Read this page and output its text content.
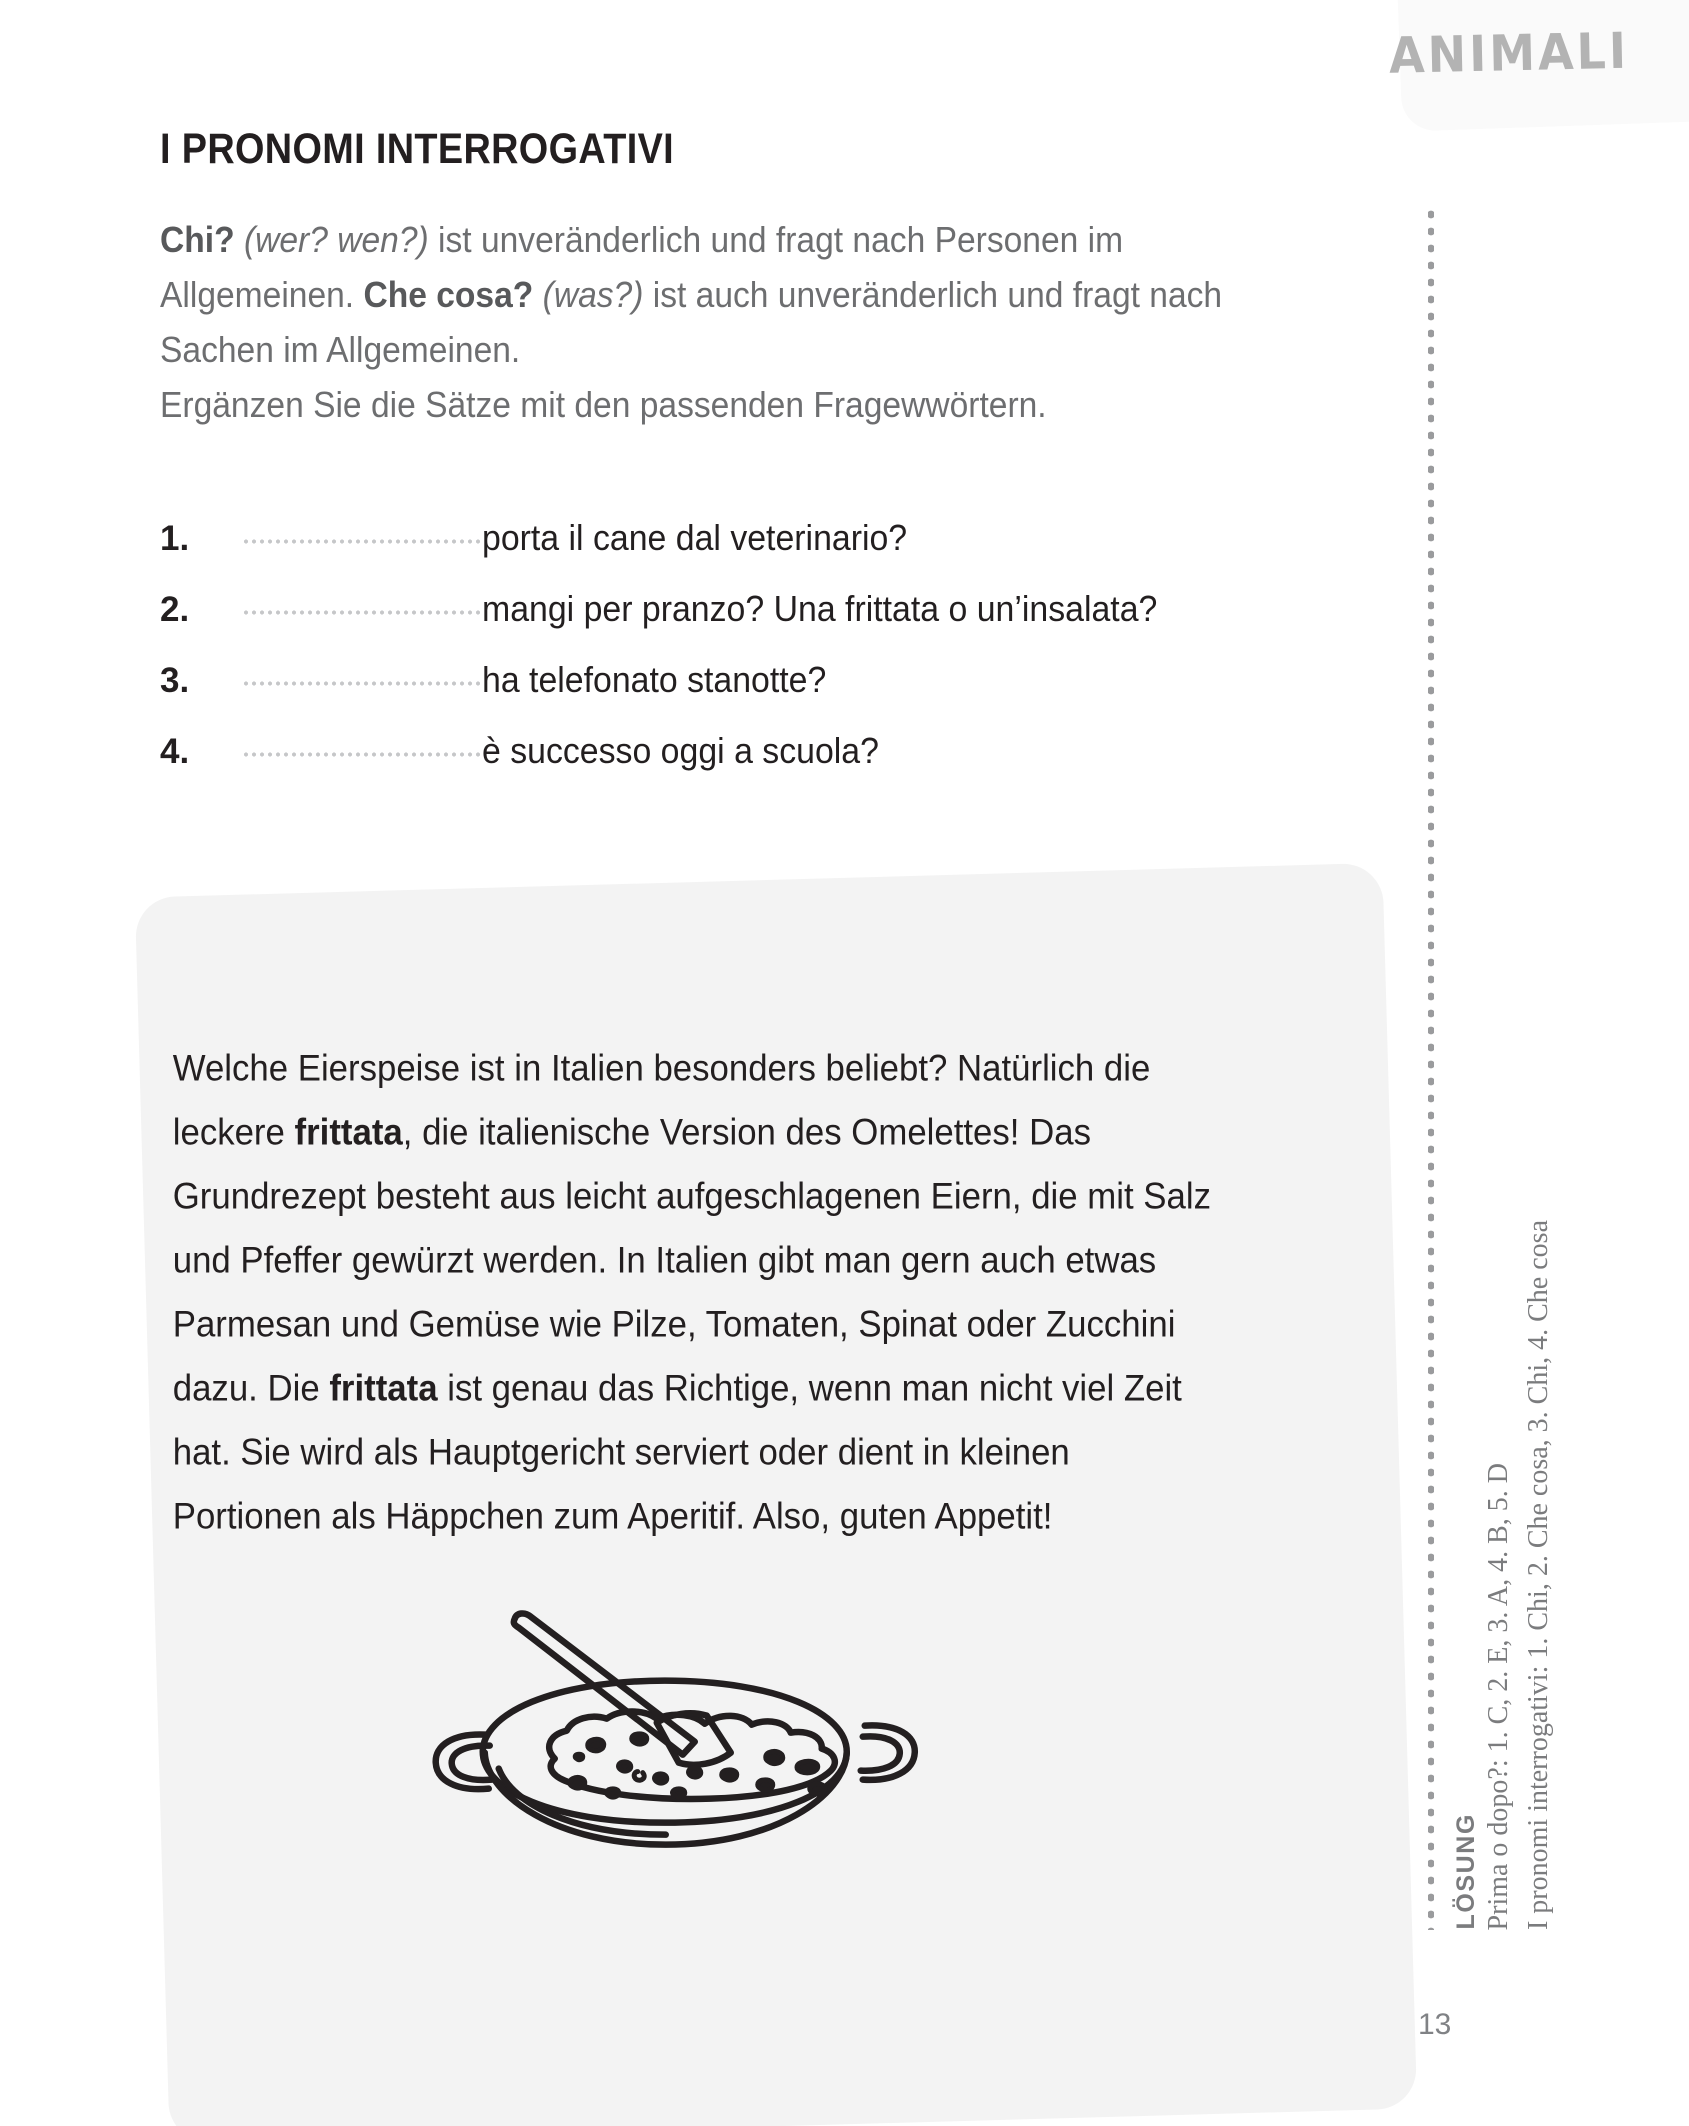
ANIMALI
I PRONOMI INTERROGATIVI
Chi? (wer? wen?) ist unveränderlich und fragt nach Personen im Allgemeinen. Che cosa? (was?) ist auch unveränderlich und fragt nach Sachen im Allgemeinen.
Ergänzen Sie die Sätze mit den passenden Fragewwörtern.
1.	porta il cane dal veterinario?
2.	mangi per pranzo? Una frittata o un’insalata?
3.	ha telefonato stanotte?
4.	è successo oggi a scuola?
Welche Eierspeise ist in Italien besonders beliebt? Natürlich die leckere frittata, die italienische Version des Omelettes! Das Grundrezept besteht aus leicht aufgeschlagenen Eiern, die mit Salz und Pfeffer gewürzt werden. In Italien gibt man gern auch etwas Parmesan und Gemüse wie Pilze, Tomaten, Spinat oder Zucchini dazu. Die frittata ist genau das Richtige, wenn man nicht viel Zeit hat. Sie wird als Hauptgericht serviert oder dient in kleinen Portionen als Häppchen zum Aperitif. Also, guten Appetit!
LÖSUNG Prima o dopo?: 1. C, 2. E, 3. A, 4. B, 5. D I pronomi interrogativi: 1. Chi, 2. Che cosa, 3. Chi, 4. Che cosa
13
